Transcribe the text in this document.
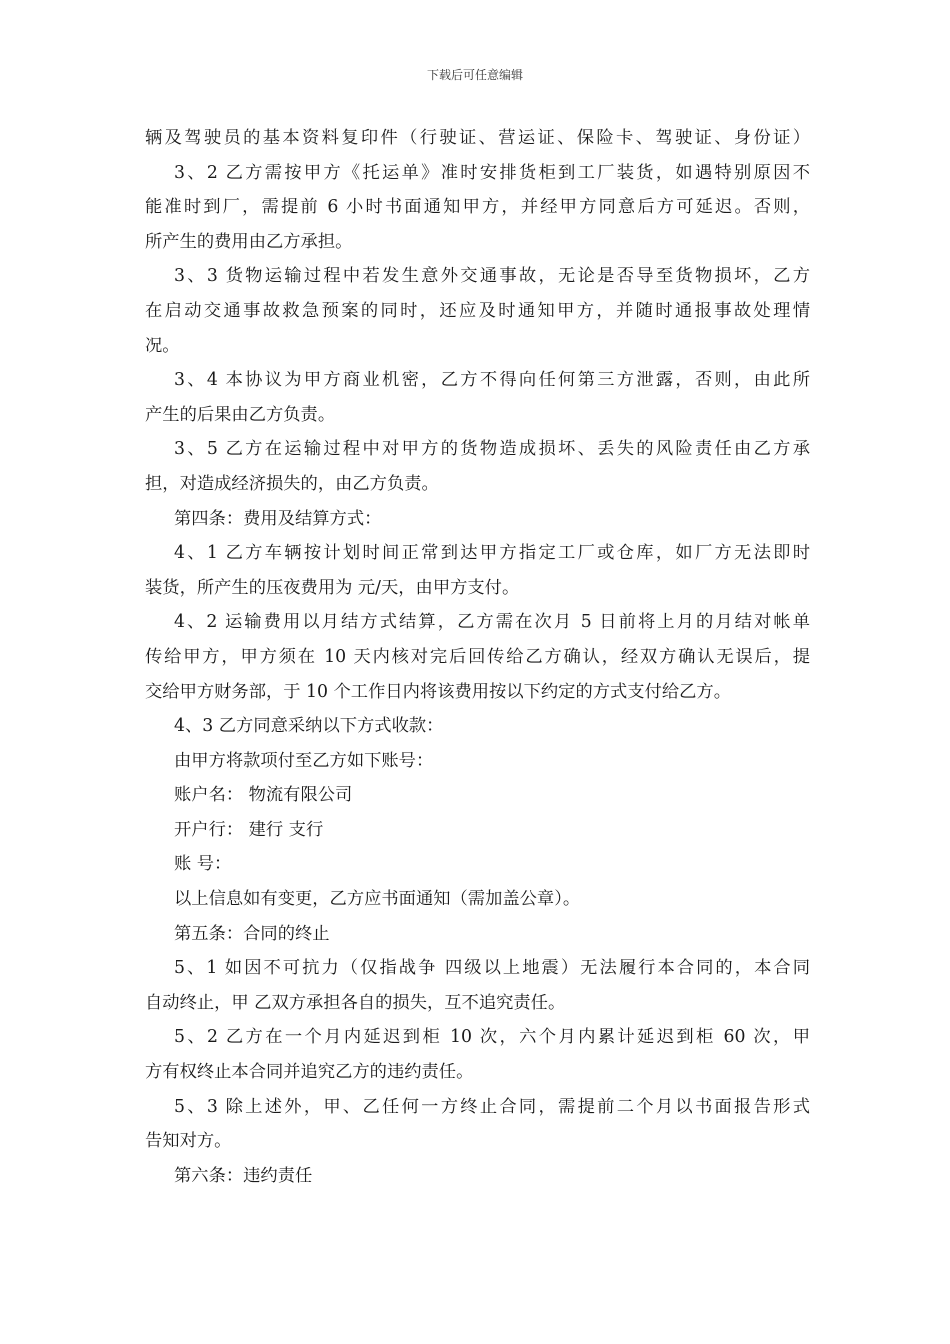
下载后可任意编辑
辆及驾驶员的基本资料复印件（行驶证、营运证、保险卡、驾驶证、身份证）
3、2 乙方需按甲方《托运单》准时安排货柜到工厂装货，如遇特别原因不
能准时到厂，需提前 6 小时书面通知甲方，并经甲方同意后方可延迟。否则，
所产生的费用由乙方承担。
3、3 货物运输过程中若发生意外交通事故，无论是否导至货物损坏，乙方
在启动交通事故救急预案的同时，还应及时通知甲方，并随时通报事故处理情
况。
3、4 本协议为甲方商业机密，乙方不得向任何第三方泄露，否则，由此所
产生的后果由乙方负责。
3、5 乙方在运输过程中对甲方的货物造成损坏、丢失的风险责任由乙方承
担，对造成经济损失的，由乙方负责。
第四条：费用及结算方式：
4、1 乙方车辆按计划时间正常到达甲方指定工厂或仓库，如厂方无法即时
装货，所产生的压夜费用为 元/天，由甲方支付。
4、2 运输费用以月结方式结算，乙方需在次月 5 日前将上月的月结对帐单
传给甲方，甲方须在 10 天内核对完后回传给乙方确认，经双方确认无误后，提
交给甲方财务部，于 10 个工作日内将该费用按以下约定的方式支付给乙方。
4、3 乙方同意采纳以下方式收款：
由甲方将款项付至乙方如下账号：
账户名： 物流有限公司
开户行： 建行 支行
账 号：
以上信息如有变更，乙方应书面通知（需加盖公章）。
第五条：合同的终止
5、1 如因不可抗力（仅指战争 四级以上地震）无法履行本合同的，本合同
自动终止，甲 乙双方承担各自的损失，互不追究责任。
5、2 乙方在一个月内延迟到柜 10 次，六个月内累计延迟到柜 60 次，甲
方有权终止本合同并追究乙方的违约责任。
5、3 除上述外，甲、乙任何一方终止合同，需提前二个月以书面报告形式
告知对方。
第六条：违约责任
